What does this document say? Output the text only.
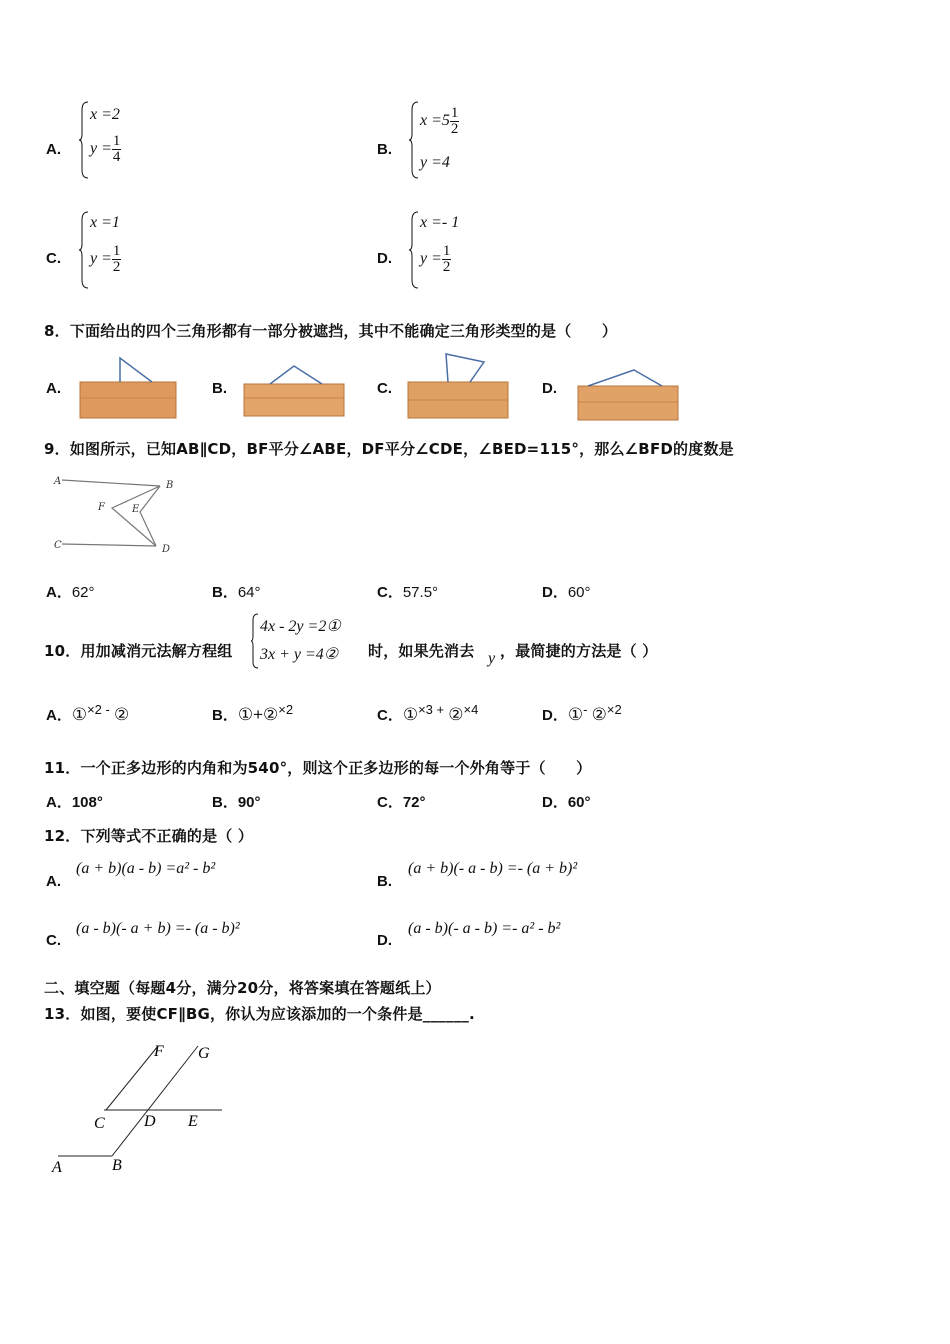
A.
x =2
$y = \frac{1}{4}$	B.
$x =5 \frac{1}{2}$
y =4
C.
x =1
$y = \frac{1}{2}$	D.
x =- 1
$y = \frac{1}{2}$
8．下面给出的四个三角形都有一部分被遮挡，其中不能确定三角形类型的是（　　）
A.	B.	C.	D.
9．如图所示，已知AB∥CD，BF平分∠ABE，DF平分∠CDE，∠BED=115°，那么∠BFD的度数是
A	B
F	E
C	D
A．62°	B．64°	C．57.5°	D．60°
10．用加减消元法解方程组
4x - 2y =2①
3x + y =4② 时，如果先消去 y ，最简捷的方法是（ ）
A．①×2 - ②	B．①+②×2	C．①×3 + ②×4	D．①- ②×2
11．一个正多边形的内角和为540°，则这个正多边形的每一个外角等于（　　）
A．108°	B．90°	C．72°	D．60°
12．下列等式不正确的是（ ）
A.
(a + b)(a - b) =a² - b²
B.
(a + b)(- a - b) =- (a + b)²
C.
(a - b)(- a + b) =- (a - b)²
D.
(a - b)(- a - b) =- a² - b²
二、填空题（每题4分，满分20分，将答案填在答题纸上）
13．如图，要使CF∥BG，你认为应该添加的一个条件是______.
F G
C D E
A	B
